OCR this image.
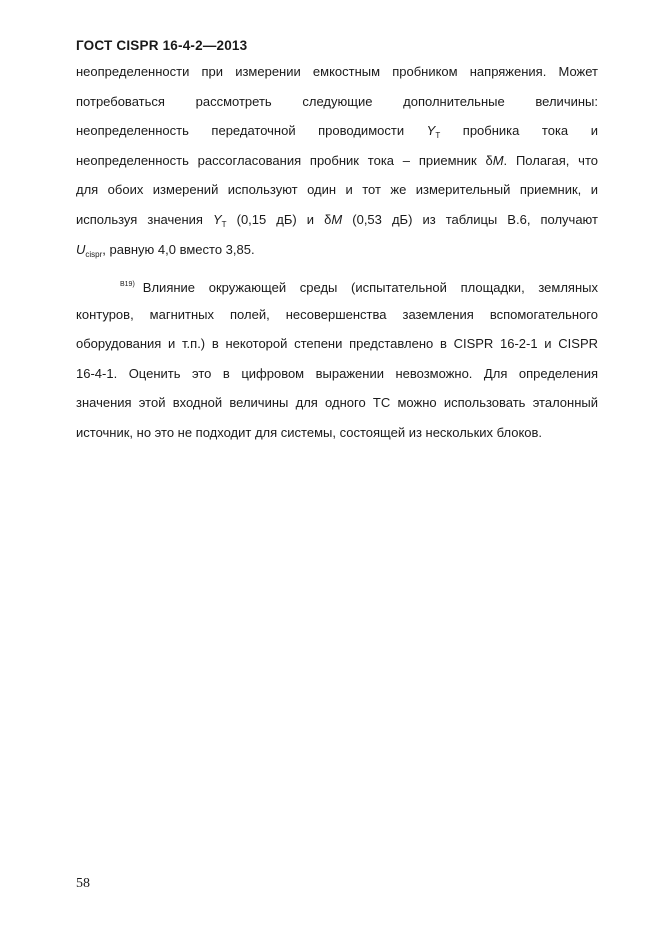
ГОСТ CISPR 16-4-2—2013
неопределенности при измерении емкостным пробником напряжения. Может
потребоваться рассмотреть следующие дополнительные величины:
неопределенность передаточной проводимости $Y_T$ пробника тока и
неопределенность рассогласования пробник тока – приемник δM. Полагая, что
для обоих измерений используют один и тот же измерительный приемник, и
используя значения $Y_T$ (0,15 дБ) и δM (0,53 дБ) из таблицы В.6, получают
$U_{cispr}$, равную 4,0 вместо 3,85.
$^{В19)}$ Влияние окружающей среды (испытательной площадки, земляных
контуров, магнитных полей, несовершенства заземления вспомогательного
оборудования и т.п.) в некоторой степени представлено в CISPR 16-2-1 и CISPR
16-4-1. Оценить это в цифровом выражении невозможно. Для определения
значения этой входной величины для одного ТС можно использовать эталонный
источник, но это не подходит для системы, состоящей из нескольких блоков.
58
